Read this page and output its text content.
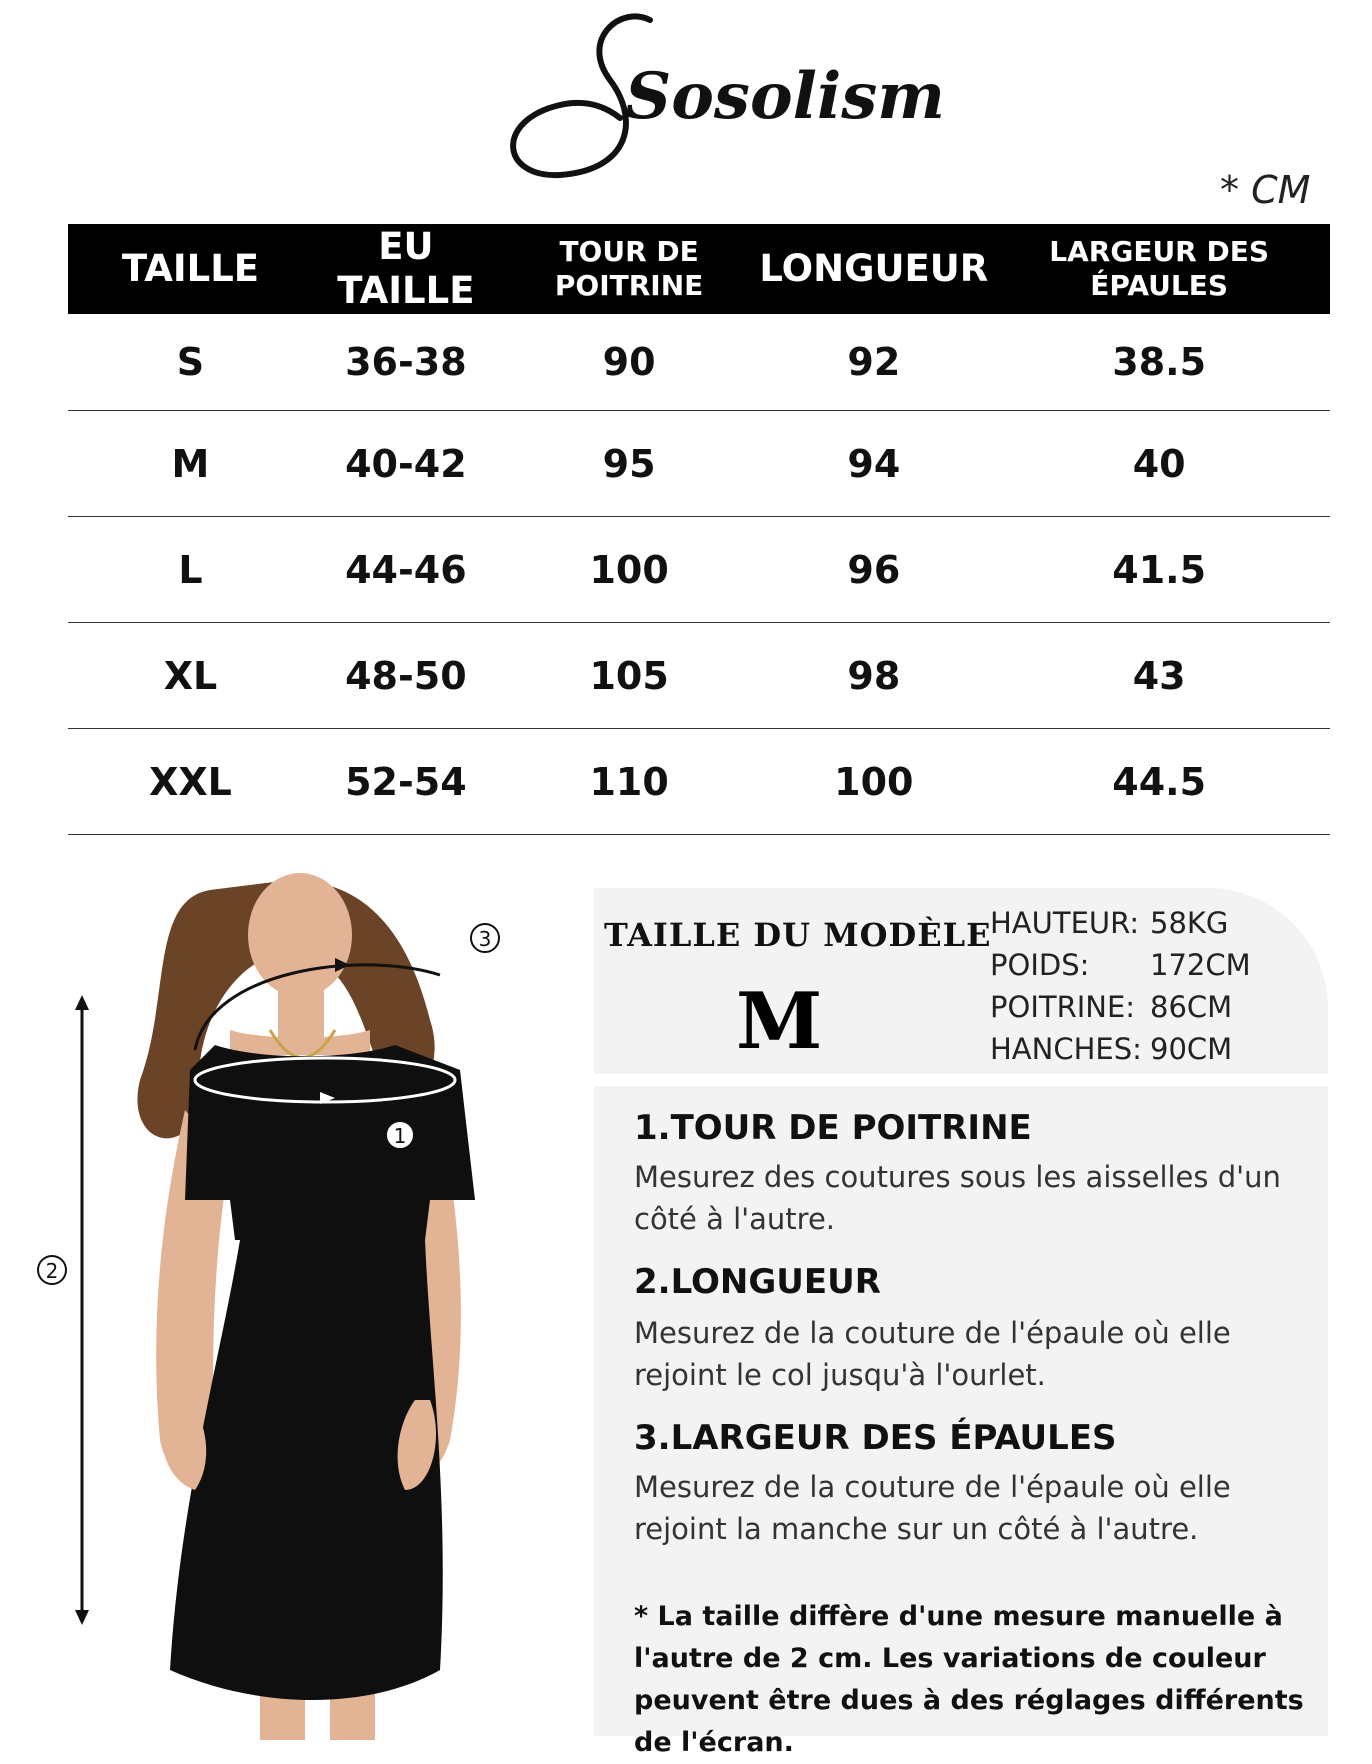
Sosolism
* CM
TAILLE	EU TAILLE	TOUR DE POITRINE	LONGUEUR	LARGEUR DES ÉPAULES
S	36-38	90	92	38.5
M	40-42	95	94	40
L	44-46	100	96	41.5
XL	48-50	105	98	43
XXL	52-54	110	100	44.5
1
2
3	TAILLE DU MODÈLE
M
HAUTEUR: 58KG
POIDS:	172CM
POITRINE: 86CM
HANCHES: 90CM
1.TOUR DE POITRINE
Mesurez des coutures sous les aisselles d'un côté à l'autre.
2.LONGUEUR
Mesurez de la couture de l'épaule où elle rejoint le col jusqu'à l'ourlet.
3.LARGEUR DES ÉPAULES
Mesurez de la couture de l'épaule où elle rejoint la manche sur un côté à l'autre.
* La taille diffère d'une mesure manuelle à l'autre de 2 cm. Les variations de couleur peuvent être dues à des réglages différents de l'écran.
